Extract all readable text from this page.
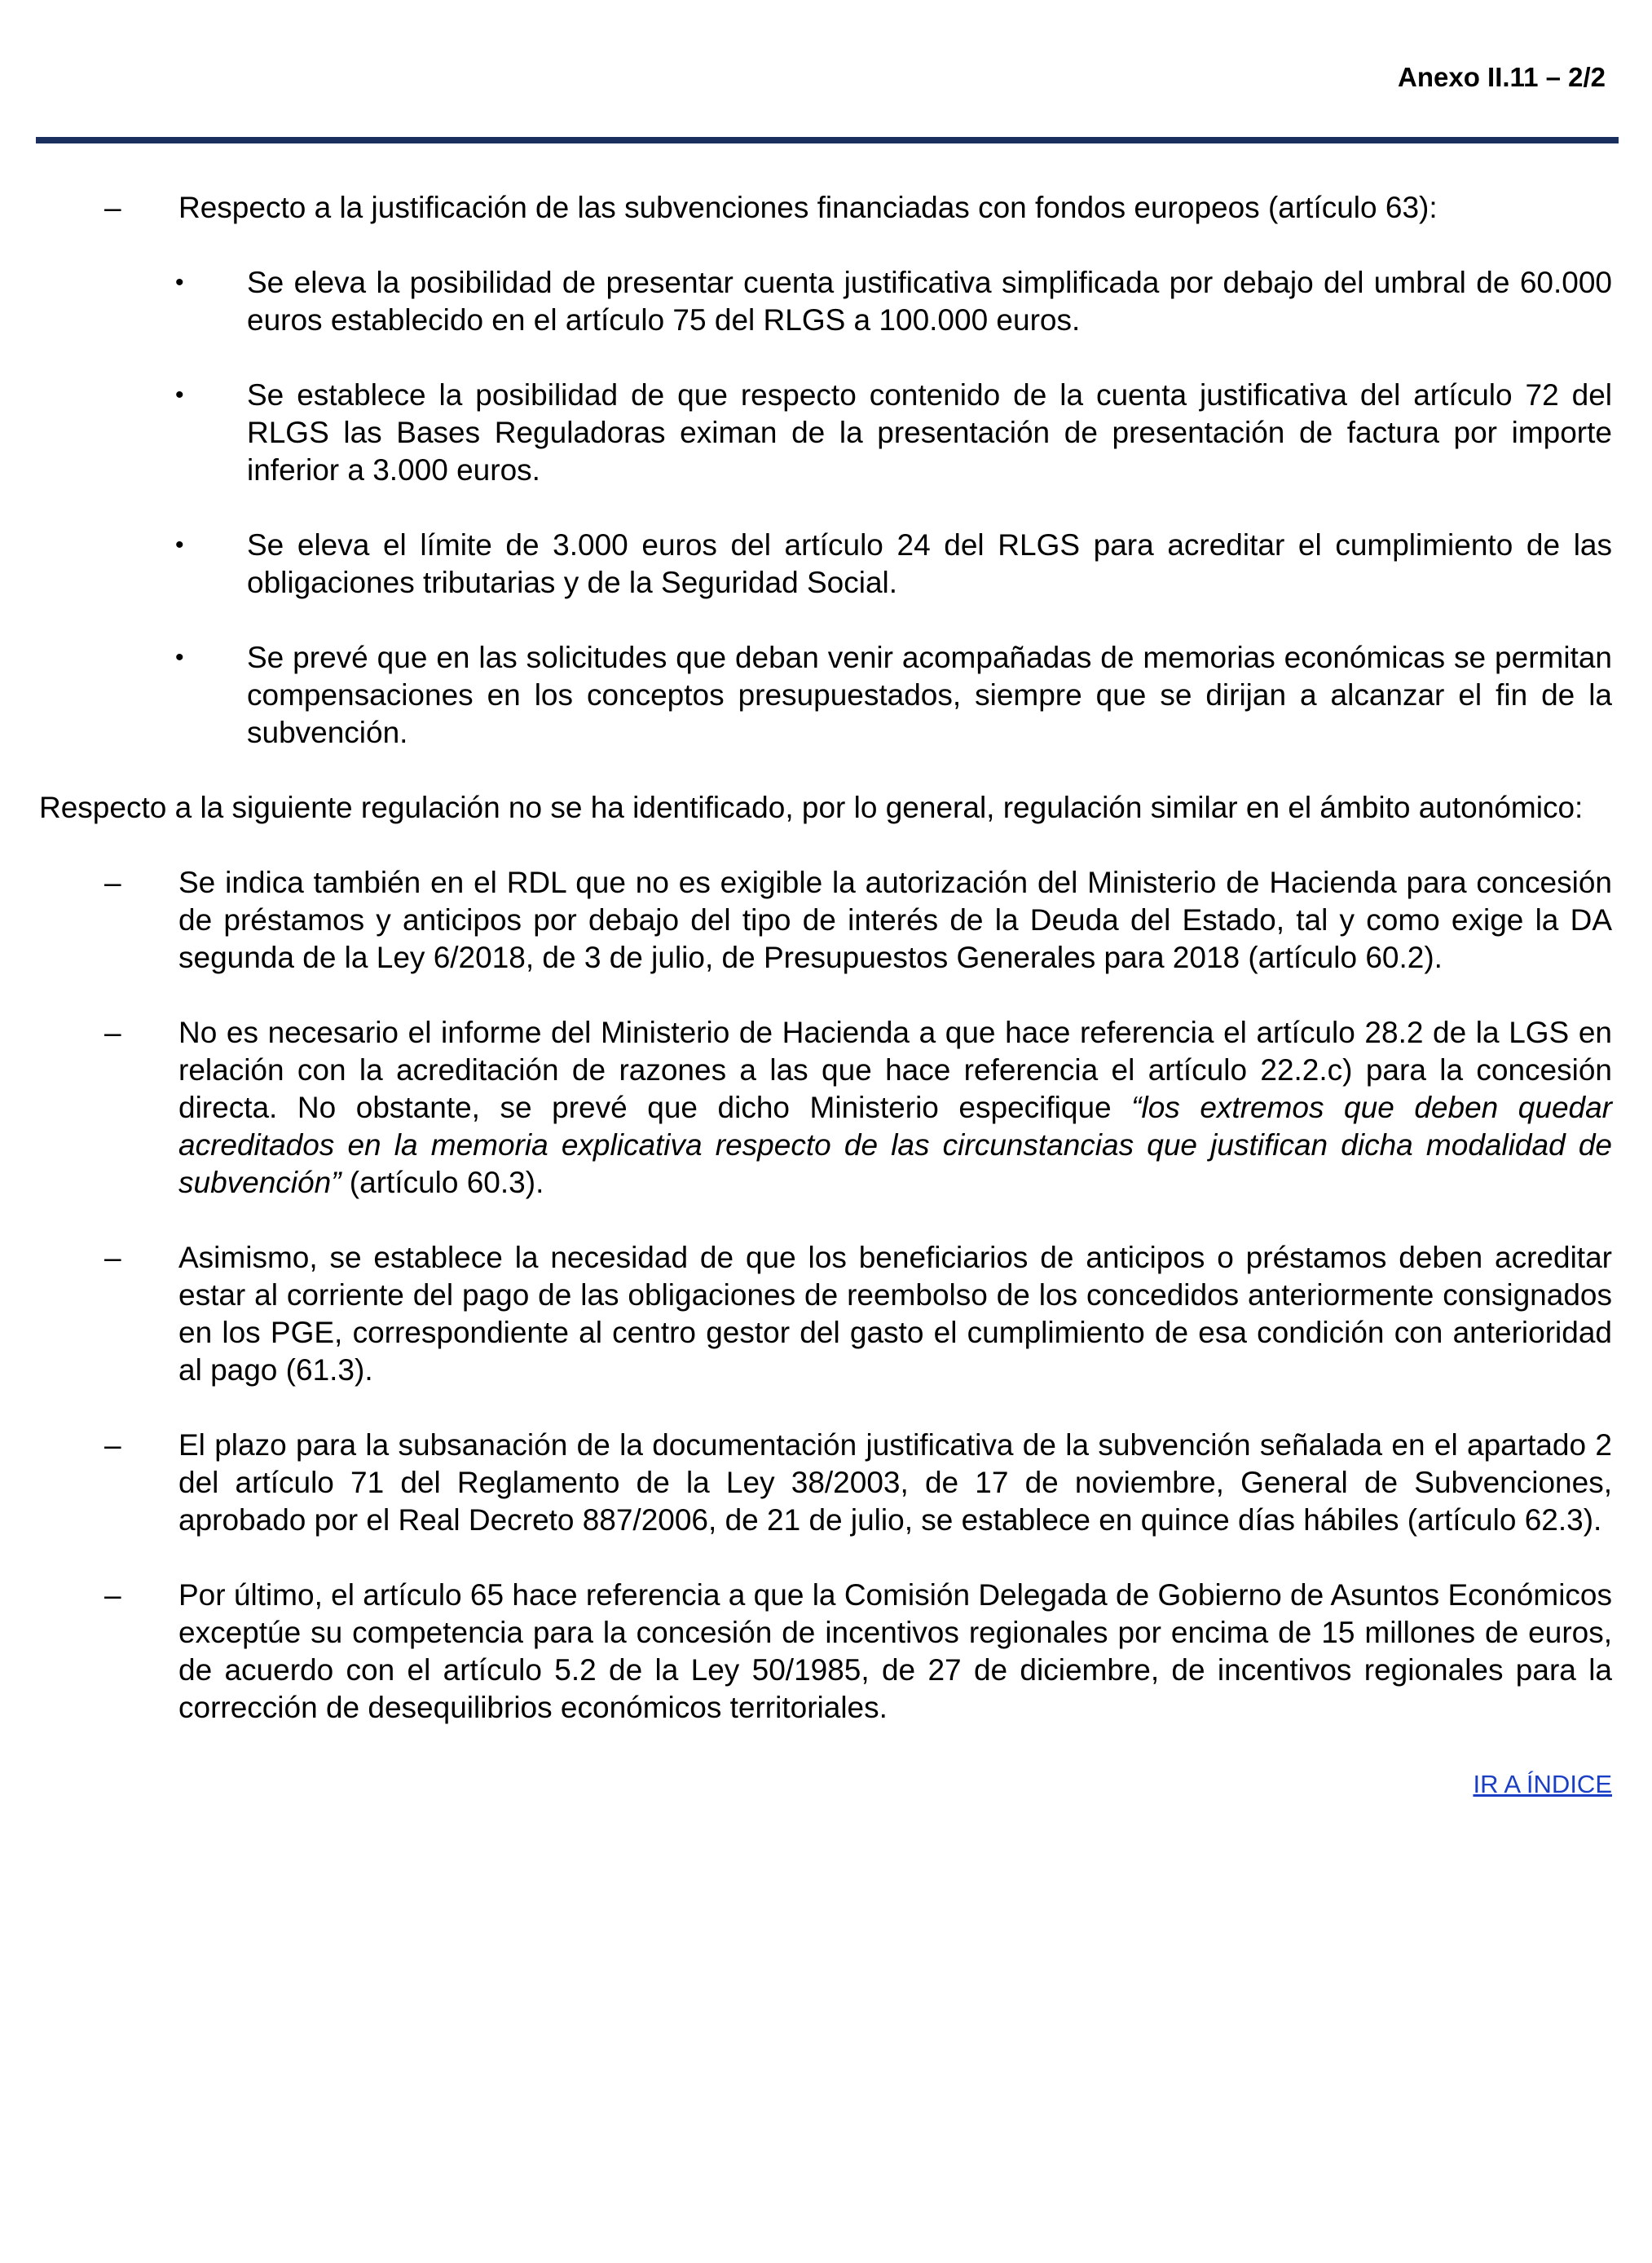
Anexo II.11 – 2/2
–	Respecto a la justificación de las subvenciones financiadas con fondos europeos (artículo 63):
•	Se eleva la posibilidad de presentar cuenta justificativa simplificada por debajo del umbral de 60.000 euros establecido en el artículo 75 del RLGS a 100.000 euros.
•	Se establece la posibilidad de que respecto contenido de la cuenta justificativa del artículo 72 del RLGS las Bases Reguladoras eximan de la presentación de presentación de factura por importe inferior a 3.000 euros.
•	Se eleva el límite de 3.000 euros del artículo 24 del RLGS para acreditar el cumplimiento de las obligaciones tributarias y de la Seguridad Social.
•	Se prevé que en las solicitudes que deban venir acompañadas de memorias económicas se permitan compensaciones en los conceptos presupuestados, siempre que se dirijan a alcanzar el fin de la subvención.
Respecto a la siguiente regulación no se ha identificado, por lo general, regulación similar en el ámbito autonómico:
–	Se indica también en el RDL que no es exigible la autorización del Ministerio de Hacienda para concesión de préstamos y anticipos por debajo del tipo de interés de la Deuda del Estado, tal y como exige la DA segunda de la Ley 6/2018, de 3 de julio, de Presupuestos Generales para 2018 (artículo 60.2).
–	No es necesario el informe del Ministerio de Hacienda a que hace referencia el artículo 28.2 de la LGS en relación con la acreditación de razones a las que hace referencia el artículo 22.2.c) para la concesión directa. No obstante, se prevé que dicho Ministerio especifique “los extremos que deben quedar acreditados en la memoria explicativa respecto de las circunstancias que justifican dicha modalidad de subvención” (artículo 60.3).
–	Asimismo, se establece la necesidad de que los beneficiarios de anticipos o préstamos deben acreditar estar al corriente del pago de las obligaciones de reembolso de los concedidos anteriormente consignados en los PGE, correspondiente al centro gestor del gasto el cumplimiento de esa condición con anterioridad al pago (61.3).
–	El plazo para la subsanación de la documentación justificativa de la subvención señalada en el apartado 2 del artículo 71 del Reglamento de la Ley 38/2003, de 17 de noviembre, General de Subvenciones, aprobado por el Real Decreto 887/2006, de 21 de julio, se establece en quince días hábiles (artículo 62.3).
–	Por último, el artículo 65 hace referencia a que la Comisión Delegada de Gobierno de Asuntos Económicos exceptúe su competencia para la concesión de incentivos regionales por encima de 15 millones de euros, de acuerdo con el artículo 5.2 de la Ley 50/1985, de 27 de diciembre, de incentivos regionales para la corrección de desequilibrios económicos territoriales.
IR A ÍNDICE
